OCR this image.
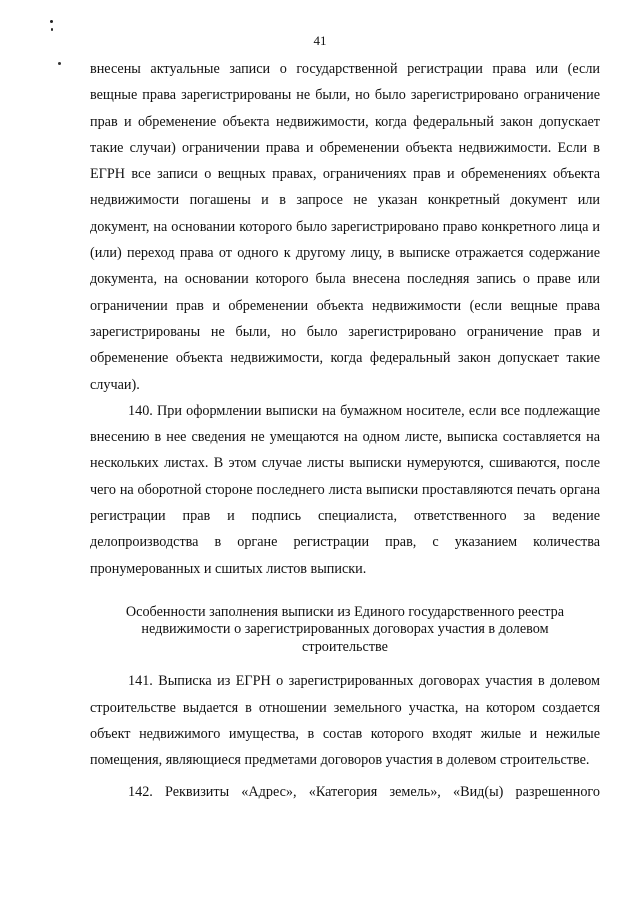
41

внесены актуальные записи о государственной регистрации права или (если вещные права зарегистрированы не были, но было зарегистрировано ограничение прав и обременение объекта недвижимости, когда федеральный закон допускает такие случаи) ограничении права и обременении объекта недвижимости. Если в ЕГРН все записи о вещных правах, ограничениях прав и обременениях объекта недвижимости погашены и в запросе не указан конкретный документ или документ, на основании которого было зарегистрировано право конкретного лица и (или) переход права от одного к другому лицу, в выписке отражается содержание документа, на основании которого была внесена последняя запись о праве или ограничении прав и обременении объекта недвижимости (если вещные права зарегистрированы не были, но было зарегистрировано ограничение прав и обременение объекта недвижимости, когда федеральный закон допускает такие случаи).

140. При оформлении выписки на бумажном носителе, если все подлежащие внесению в нее сведения не умещаются на одном листе, выписка составляется на нескольких листах. В этом случае листы выписки нумеруются, сшиваются, после чего на оборотной стороне последнего листа выписки проставляются печать органа регистрации прав и подпись специалиста, ответственного за ведение делопроизводства в органе регистрации прав, с указанием количества пронумерованных и сшитых листов выписки.

Особенности заполнения выписки из Единого государственного реестра
недвижимости о зарегистрированных договорах участия в долевом
строительстве

141. Выписка из ЕГРН о зарегистрированных договорах участия в долевом строительстве выдается в отношении земельного участка, на котором создается объект недвижимого имущества, в состав которого входят жилые и нежилые помещения, являющиеся предметами договоров участия в долевом строительстве.

142. Реквизиты «Адрес», «Категория земель», «Вид(ы) разрешенного
